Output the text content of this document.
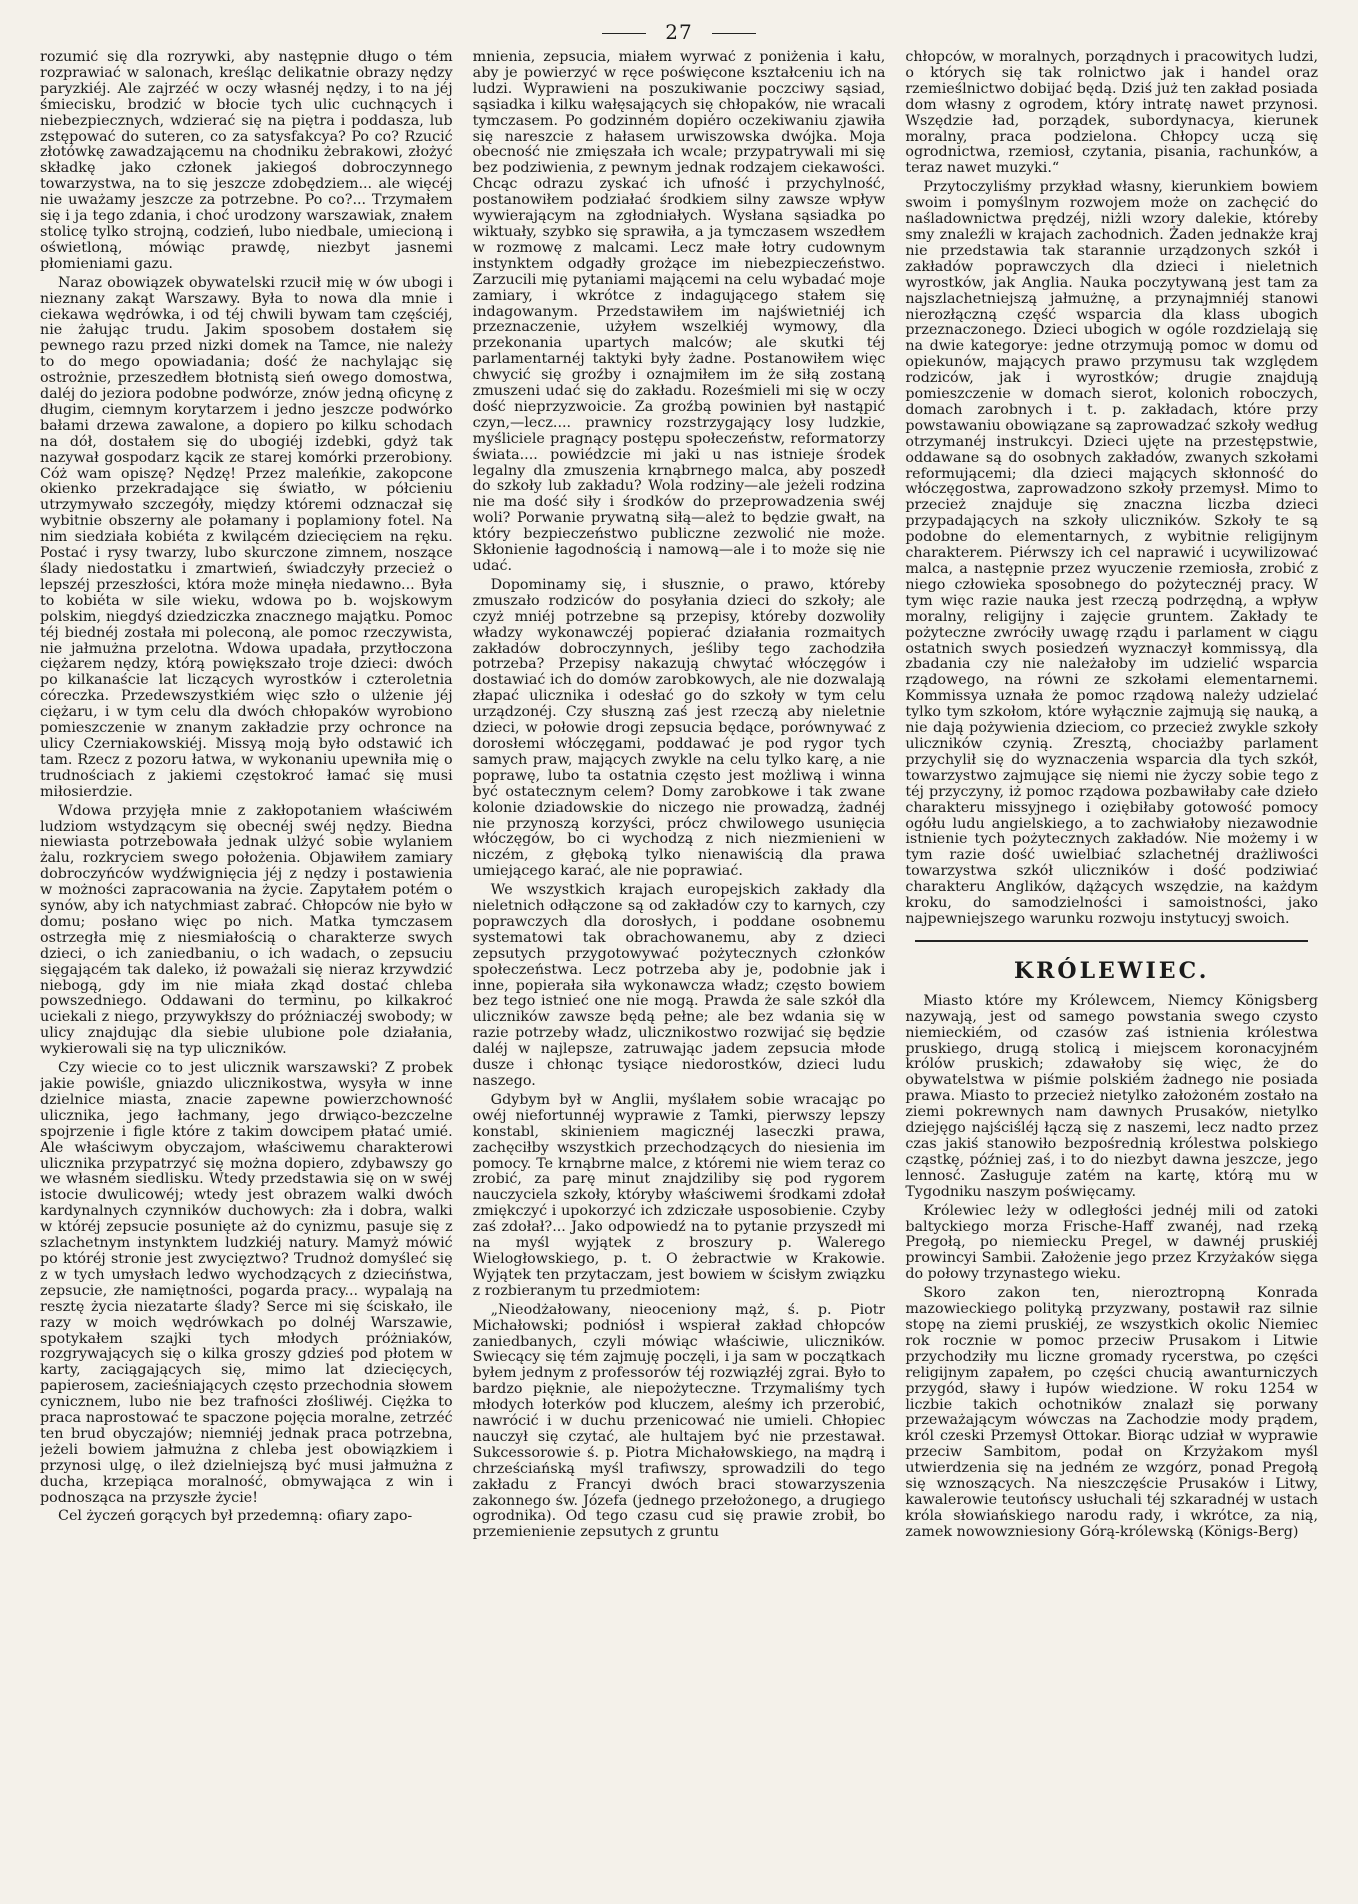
27

rozumić się dla rozrywki, aby następnie długo o tém rozprawiać w salonach, kreśląc delikatnie obrazy nędzy paryzkiéj. Ale zajrzéć w oczy własnéj nędzy, i to na jéj śmiecisku, brodzić w błocie tych ulic cuchnących i niebezpiecznych, wdzierać się na piętra i poddasza, lub zstępować do suteren, co za satysfakcya? Po co? Rzucić złotówkę zawadzającemu na chodniku żebrakowi, złożyć składkę jako członek jakiegoś dobroczynnego towarzystwa, na to się jeszcze zdobędziem... ale więcéj nie uważamy jeszcze za potrzebne. Po co?... Trzymałem się i ja tego zdania, i choć urodzony warszawiak, znałem stolicę tylko strojną, codzień, lubo niedbale, umiecioną i oświetloną, mówiąc prawdę, niezbyt jasnemi płomieniami gazu.

Naraz obowiązek obywatelski rzucił mię w ów ubogi i nieznany zakąt Warszawy. Była to nowa dla mnie i ciekawa wędrówka, i od téj chwili bywam tam częściéj, nie żałując trudu. Jakim sposobem dostałem się pewnego razu przed nizki domek na Tamce, nie należy to do mego opowiadania; dość że nachylając się ostrożnie, przeszedłem błotnistą sień owego domostwa, daléj do jeziora podobne podwórze, znów jedną oficynę z długim, ciemnym korytarzem i jedno jeszcze podwórko bałami drzewa zawalone, a dopiero po kilku schodach na dół, dostałem się do ubogiéj izdebki, gdyż tak nazywał gospodarz kącik ze starej komórki przerobiony. Cóż wam opiszę? Nędzę! Przez maleńkie, zakopcone okienko przekradające się światło, w półcieniu utrzymywało szczegóły, między któremi odznaczał się wybitnie obszerny ale połamany i poplamiony fotel. Na nim siedziała kobiéta z kwilącém dziecięciem na ręku. Postać i rysy twarzy, lubo skurczone zimnem, noszące ślady niedostatku i zmartwień, świadczyły przecież o lepszéj przeszłości, która może minęła niedawno... Była to kobiéta w sile wieku, wdowa po b. wojskowym polskim, niegdyś dziedziczka znacznego majątku. Pomoc téj biednéj została mi poleconą, ale pomoc rzeczywista, nie jałmużna przelotna. Wdowa upadała, przytłoczona ciężarem nędzy, którą powiększało troje dzieci: dwóch po kilkanaście lat liczących wyrostków i czteroletnia córeczka. Przedewszystkiém więc szło o ulżenie jéj ciężaru, i w tym celu dla dwóch chłopaków wyrobiono pomieszczenie w znanym zakładzie przy ochronce na ulicy Czerniakowskiéj. Missyą moją było odstawić ich tam. Rzecz z pozoru łatwa, w wykonaniu upewniła mię o trudnościach z jakiemi częstokroć łamać się musi miłosierdzie.

Wdowa przyjęła mnie z zakłopotaniem właściwém ludziom wstydzącym się obecnéj swéj nędzy. Biedna niewiasta potrzebowała jednak ulżyć sobie wylaniem żalu, rozkryciem swego położenia. Objawiłem zamiary dobroczyńców wydźwignięcia jéj z nędzy i postawienia w możności zapracowania na życie. Zapytałem potém o synów, aby ich natychmiast zabrać. Chłopców nie było w domu; posłano więc po nich. Matka tymczasem ostrzegła mię z niesmiałością o charakterze swych dzieci, o ich zaniedbaniu, o ich wadach, o zepsuciu sięgającém tak daleko, iż poważali się nieraz krzywdzić niebogą, gdy im nie miała zkąd dostać chleba powszedniego. Oddawani do terminu, po kilkakroć uciekali z niego, przywykłszy do próżniaczéj swobody; w ulicy znajdując dla siebie ulubione pole działania, wykierowali się na typ uliczników.

Czy wiecie co to jest ulicznik warszawski? Z probek jakie powiśle, gniazdo ulicznikostwa, wysyła w inne dzielnice miasta, znacie zapewne powierzchowność ulicznika, jego łachmany, jego drwiąco-bezczelne spojrzenie i figle które z takim dowcipem płatać umié. Ale właściwym obyczajom, właściwemu charakterowi ulicznika przypatrzyć się można dopiero, zdybawszy go we własném siedlisku. Wtedy przedstawia się on w swéj istocie dwulicowéj; wtedy jest obrazem walki dwóch kardynalnych czynników duchowych: zła i dobra, walki w któréj zepsucie posunięte aż do cynizmu, pasuje się z szlachetnym instynktem ludzkiéj natury. Mamyż mówić po któréj stronie jest zwycięztwo? Trudnoż domyśleć się z w tych umysłach ledwo wychodzących z dzieciństwa, zepsucie, złe namiętności, pogarda pracy... wypalają na resztę życia niezatarte ślady? Serce mi się ściskało, ile razy w moich wędrówkach po dolnéj Warszawie, spotykałem szajki tych młodych próżniaków, rozgrywających się o kilka groszy gdzieś pod płotem w karty, zaciągających się, mimo lat dziecięcych, papierosem, zacieśniających często przechodnia słowem cynicznem, lubo nie bez trafności złośliwéj. Ciężka to praca naprostować te spaczone pojęcia moralne, zetrzéć ten brud obyczajów; niemniéj jednak praca potrzebna, jeżeli bowiem jałmużna z chleba jest obowiązkiem i przynosi ulgę, o ileż dzielniejszą być musi jałmużna z ducha, krzepiąca moralność, obmywająca z win i podnosząca na przyszłe życie!

Cel życzeń gorących był przedemną: ofiary zapo-

mnienia, zepsucia, miałem wyrwać z poniżenia i kału, aby je powierzyć w ręce poświęcone kształceniu ich na ludzi. Wyprawieni na poszukiwanie poczciwy sąsiad, sąsiadka i kilku wałęsających się chłopaków, nie wracali tymczasem. Po godzinném dopiéro oczekiwaniu zjawiła się nareszcie z hałasem urwiszowska dwójka. Moja obecność nie zmięszała ich wcale; przypatrywali mi się bez podziwienia, z pewnym jednak rodzajem ciekawości. Chcąc odrazu zyskać ich ufność i przychylność, postanowiłem podziałać środkiem silny zawsze wpływ wywierającym na zgłodniałych. Wysłana sąsiadka po wiktuały, szybko się sprawiła, a ja tymczasem wszedłem w rozmowę z malcami. Lecz małe łotry cudownym instynktem odgadły grożące im niebezpieczeństwo. Zarzucili mię pytaniami mającemi na celu wybadać moje zamiary, i wkrótce z indagującego stałem się indagowanym. Przedstawiłem im najświetniéj ich przeznaczenie, użyłem wszelkiéj wymowy, dla przekonania upartych malców; ale skutki téj parlamentarnéj taktyki były żadne. Postanowiłem więc chwycić się groźby i oznajmiłem im że siłą zostaną zmuszeni udać się do zakładu. Roześmieli mi się w oczy dość nieprzyzwoicie. Za groźbą powinien był nastąpić czyn,—lecz.... prawnicy rozstrzygający losy ludzkie, myśliciele pragnący postępu społeczeństw, reformatorzy świata.... powiédzcie mi jaki u nas istnieje środek legalny dla zmuszenia krnąbrnego malca, aby poszedł do szkoły lub zakładu? Wola rodziny—ale jeżeli rodzina nie ma dość siły i środków do przeprowadzenia swéj woli? Porwanie prywatną siłą—ależ to będzie gwałt, na który bezpieczeństwo publiczne zezwolić nie może. Skłonienie łagodnością i namową—ale i to może się nie udać.

Dopominamy się, i słusznie, o prawo, któreby zmuszało rodziców do posyłania dzieci do szkoły; ale czyż mniéj potrzebne są przepisy, któreby dozwoliły władzy wykonawczéj popierać działania rozmaitych zakładów dobroczynnych, jeśliby tego zachodziła potrzeba? Przepisy nakazują chwytać włóczęgów i dostawiać ich do domów zarobkowych, ale nie dozwalają złapać ulicznika i odesłać go do szkoły w tym celu urządzonéj. Czy słuszną zaś jest rzeczą aby nieletnie dzieci, w połowie drogi zepsucia będące, porównywać z dorosłemi włóczęgami, poddawać je pod rygor tych samych praw, mających zwykle na celu tylko karę, a nie poprawę, lubo ta ostatnia często jest możliwą i winna być ostatecznym celem? Domy zarobkowe i tak zwane kolonie dziadowskie do niczego nie prowadzą, żadnéj nie przynoszą korzyści, prócz chwilowego usunięcia włóczęgów, bo ci wychodzą z nich niezmienieni w niczém, z głęboką tylko nienawiścią dla prawa umiejącego karać, ale nie poprawiać.

We wszystkich krajach europejskich zakłady dla nieletnich odłączone są od zakładów czy to karnych, czy poprawczych dla dorosłych, i poddane osobnemu systematowi tak obrachowanemu, aby z dzieci zepsutych przygotowywać pożytecznych członków społeczeństwa. Lecz potrzeba aby je, podobnie jak i inne, popierała siła wykonawcza władz; często bowiem bez tego istnieć one nie mogą. Prawda że sale szkół dla uliczników zawsze będą pełne; ale bez wdania się w razie potrzeby władz, ulicznikostwo rozwijać się będzie daléj w najlepsze, zatruwając jadem zepsucia młode dusze i chłonąc tysiące niedorostków, dzieci ludu naszego.

Gdybym był w Anglii, myślałem sobie wracając po owéj niefortunnéj wyprawie z Tamki, pierwszy lepszy konstabl, skinieniem magicznéj laseczki prawa, zachęciłby wszystkich przechodzących do niesienia im pomocy. Te krnąbrne malce, z któremi nie wiem teraz co zrobić, za parę minut znajdziliby się pod rygorem nauczyciela szkoły, któryby właściwemi środkami zdołał zmiękczyć i upokorzyć ich zdziczałe usposobienie. Czyby zaś zdołał?... Jako odpowiedź na to pytanie przyszedł mi na myśl wyjątek z broszury p. Walerego Wielogłowskiego, p. t. O żebractwie w Krakowie. Wyjątek ten przytaczam, jest bowiem w ścisłym związku z rozbieranym tu przedmiotem:

„Nieodżałowany, nieoceniony mąż, ś. p. Piotr Michałowski; podniósł i wspierał zakład chłopców zaniedbanych, czyli mówiąc właściwie, uliczników. Swiecący się tém zajmuję poczęli, i ja sam w początkach byłem jednym z professorów téj rozwiązłéj zgrai. Było to bardzo pięknie, ale niepożyteczne. Trzymaliśmy tych młodych łoterków pod kluczem, aleśmy ich przerobić, nawrócić i w duchu przenicować nie umieli. Chłopiec nauczył się czytać, ale hultajem być nie przestawał. Sukcessorowie ś. p. Piotra Michałowskiego, na mądrą i chrześciańską myśl trafiwszy, sprowadzili do tego zakładu z Francyi dwóch braci stowarzyszenia zakonnego św. Józefa (jednego przełożonego, a drugiego ogrodnika). Od tego czasu cud się prawie zrobił, bo przemienienie zepsutych z gruntu

chłopców, w moralnych, porządnych i pracowitych ludzi, o których się tak rolnictwo jak i handel oraz rzemieślnictwo dobijać będą. Dziś już ten zakład posiada dom własny z ogrodem, który intratę nawet przynosi. Wszędzie ład, porządek, subordynacya, kierunek moralny, praca podzielona. Chłopcy uczą się ogrodnictwa, rzemiosł, czytania, pisania, rachunków, a teraz nawet muzyki.“

Przytoczyliśmy przykład własny, kierunkiem bowiem swoim i pomyślnym rozwojem może on zachęcić do naśladownictwa prędzéj, niżli wzory dalekie, któreby smy znaleźli w krajach zachodnich. Żaden jednakże kraj nie przedstawia tak starannie urządzonych szkół i zakładów poprawczych dla dzieci i nieletnich wyrostków, jak Anglia. Nauka poczytywaną jest tam za najszlachetniejszą jałmużnę, a przynajmniéj stanowi nierozłączną część wsparcia dla klass ubogich przeznaczonego. Dzieci ubogich w ogóle rozdzielają się na dwie kategorye: jedne otrzymują pomoc w domu od opiekunów, mających prawo przymusu tak względem rodziców, jak i wyrostków; drugie znajdują pomieszczenie w domach sierot, kolonich roboczych, domach zarobnych i t. p. zakładach, które przy powstawaniu obowiązane są zaprowadzać szkoły według otrzymanéj instrukcyi. Dzieci ujęte na przestępstwie, oddawane są do osobnych zakładów, zwanych szkołami reformującemi; dla dzieci mających skłonność do włóczęgostwa, zaprowadzono szkoły przemysł. Mimo to przecież znajduje się znaczna liczba dzieci przypadających na szkoły uliczników. Szkoły te są podobne do elementarnych, z wybitnie religijnym charakterem. Piérwszy ich cel naprawić i ucywilizować malca, a następnie przez wyuczenie rzemiosła, zrobić z niego człowieka sposobnego do pożytecznéj pracy. W tym więc razie nauka jest rzeczą podrzędną, a wpływ moralny, religijny i zajęcie gruntem. Zakłady te pożyteczne zwróciły uwagę rządu i parlament w ciągu ostatnich swych posiedzeń wyznaczył kommissyą, dla zbadania czy nie należałoby im udzielić wsparcia rządowego, na równi ze szkołami elementarnemi. Kommissya uznała że pomoc rządową należy udzielać tylko tym szkołom, które wyłącznie zajmują się nauką, a nie dają pożywienia dzieciom, co przecież zwykle szkoły uliczników czynią. Zresztą, chociażby parlament przychylił się do wyznaczenia wsparcia dla tych szkół, towarzystwo zajmujące się niemi nie życzy sobie tego z téj przyczyny, iż pomoc rządowa pozbawiłaby całe dzieło charakteru missyjnego i oziębiłaby gotowość pomocy ogółu ludu angielskiego, a to zachwiałoby niezawodnie istnienie tych pożytecznych zakładów. Nie możemy i w tym razie dość uwielbiać szlachetnéj drażliwości towarzystwa szkół uliczników i dość podziwiać charakteru Anglików, dążących wszędzie, na każdym kroku, do samodzielności i samoistności, jako najpewniejszego warunku rozwoju instytucyj swoich.

KRÓLEWIEC.

Miasto które my Królewcem, Niemcy Königsberg nazywają, jest od samego powstania swego czysto niemieckiém, od czasów zaś istnienia królestwa pruskiego, drugą stolicą i miejscem koronacyjném królów pruskich; zdawałoby się więc, że do obywatelstwa w piśmie polskiém żadnego nie posiada prawa. Miasto to przecież nietylko założoném zostało na ziemi pokrewnych nam dawnych Prusaków, nietylko dziejęgo najściśléj łączą się z naszemi, lecz nadto przez czas jakiś stanowiło bezpośrednią królestwa polskiego cząstkę, później zaś, i to do niezbyt dawna jeszcze, jego lennosć. Zasługuje zatém na kartę, którą mu w Tygodniku naszym poświęcamy.

Królewiec leży w odległości jednéj mili od zatoki baltyckiego morza Frische-Haff zwanéj, nad rzeką Pregołą, po niemiecku Pregel, w dawnéj pruskiéj prowincyi Sambii. Założenie jego przez Krzyżaków sięga do połowy trzynastego wieku.

Skoro zakon ten, nieroztropną Konrada mazowieckiego polityką przyzwany, postawił raz silnie stopę na ziemi pruskiéj, ze wszystkich okolic Niemiec rok rocznie w pomoc przeciw Prusakom i Litwie przychodziły mu liczne gromady rycerstwa, po części religijnym zapałem, po części chucią awanturniczych przygód, sławy i łupów wiedzione. W roku 1254 w liczbie takich ochotników znalazł się porwany przeważającym wówczas na Zachodzie mody prądem, król czeski Przemysł Ottokar. Biorąc udział w wyprawie przeciw Sambitom, podał on Krzyżakom myśl utwierdzenia się na jedném ze wzgórz, ponad Pregołą się wznoszących. Na nieszczęście Prusaków i Litwy, kawalerowie teutońscy usłuchali téj szkaradnéj w ustach króla słowiańskiego narodu rady, i wkrótce, za nią, zamek nowowzniesiony Górą-królewską (Königs-Berg)
